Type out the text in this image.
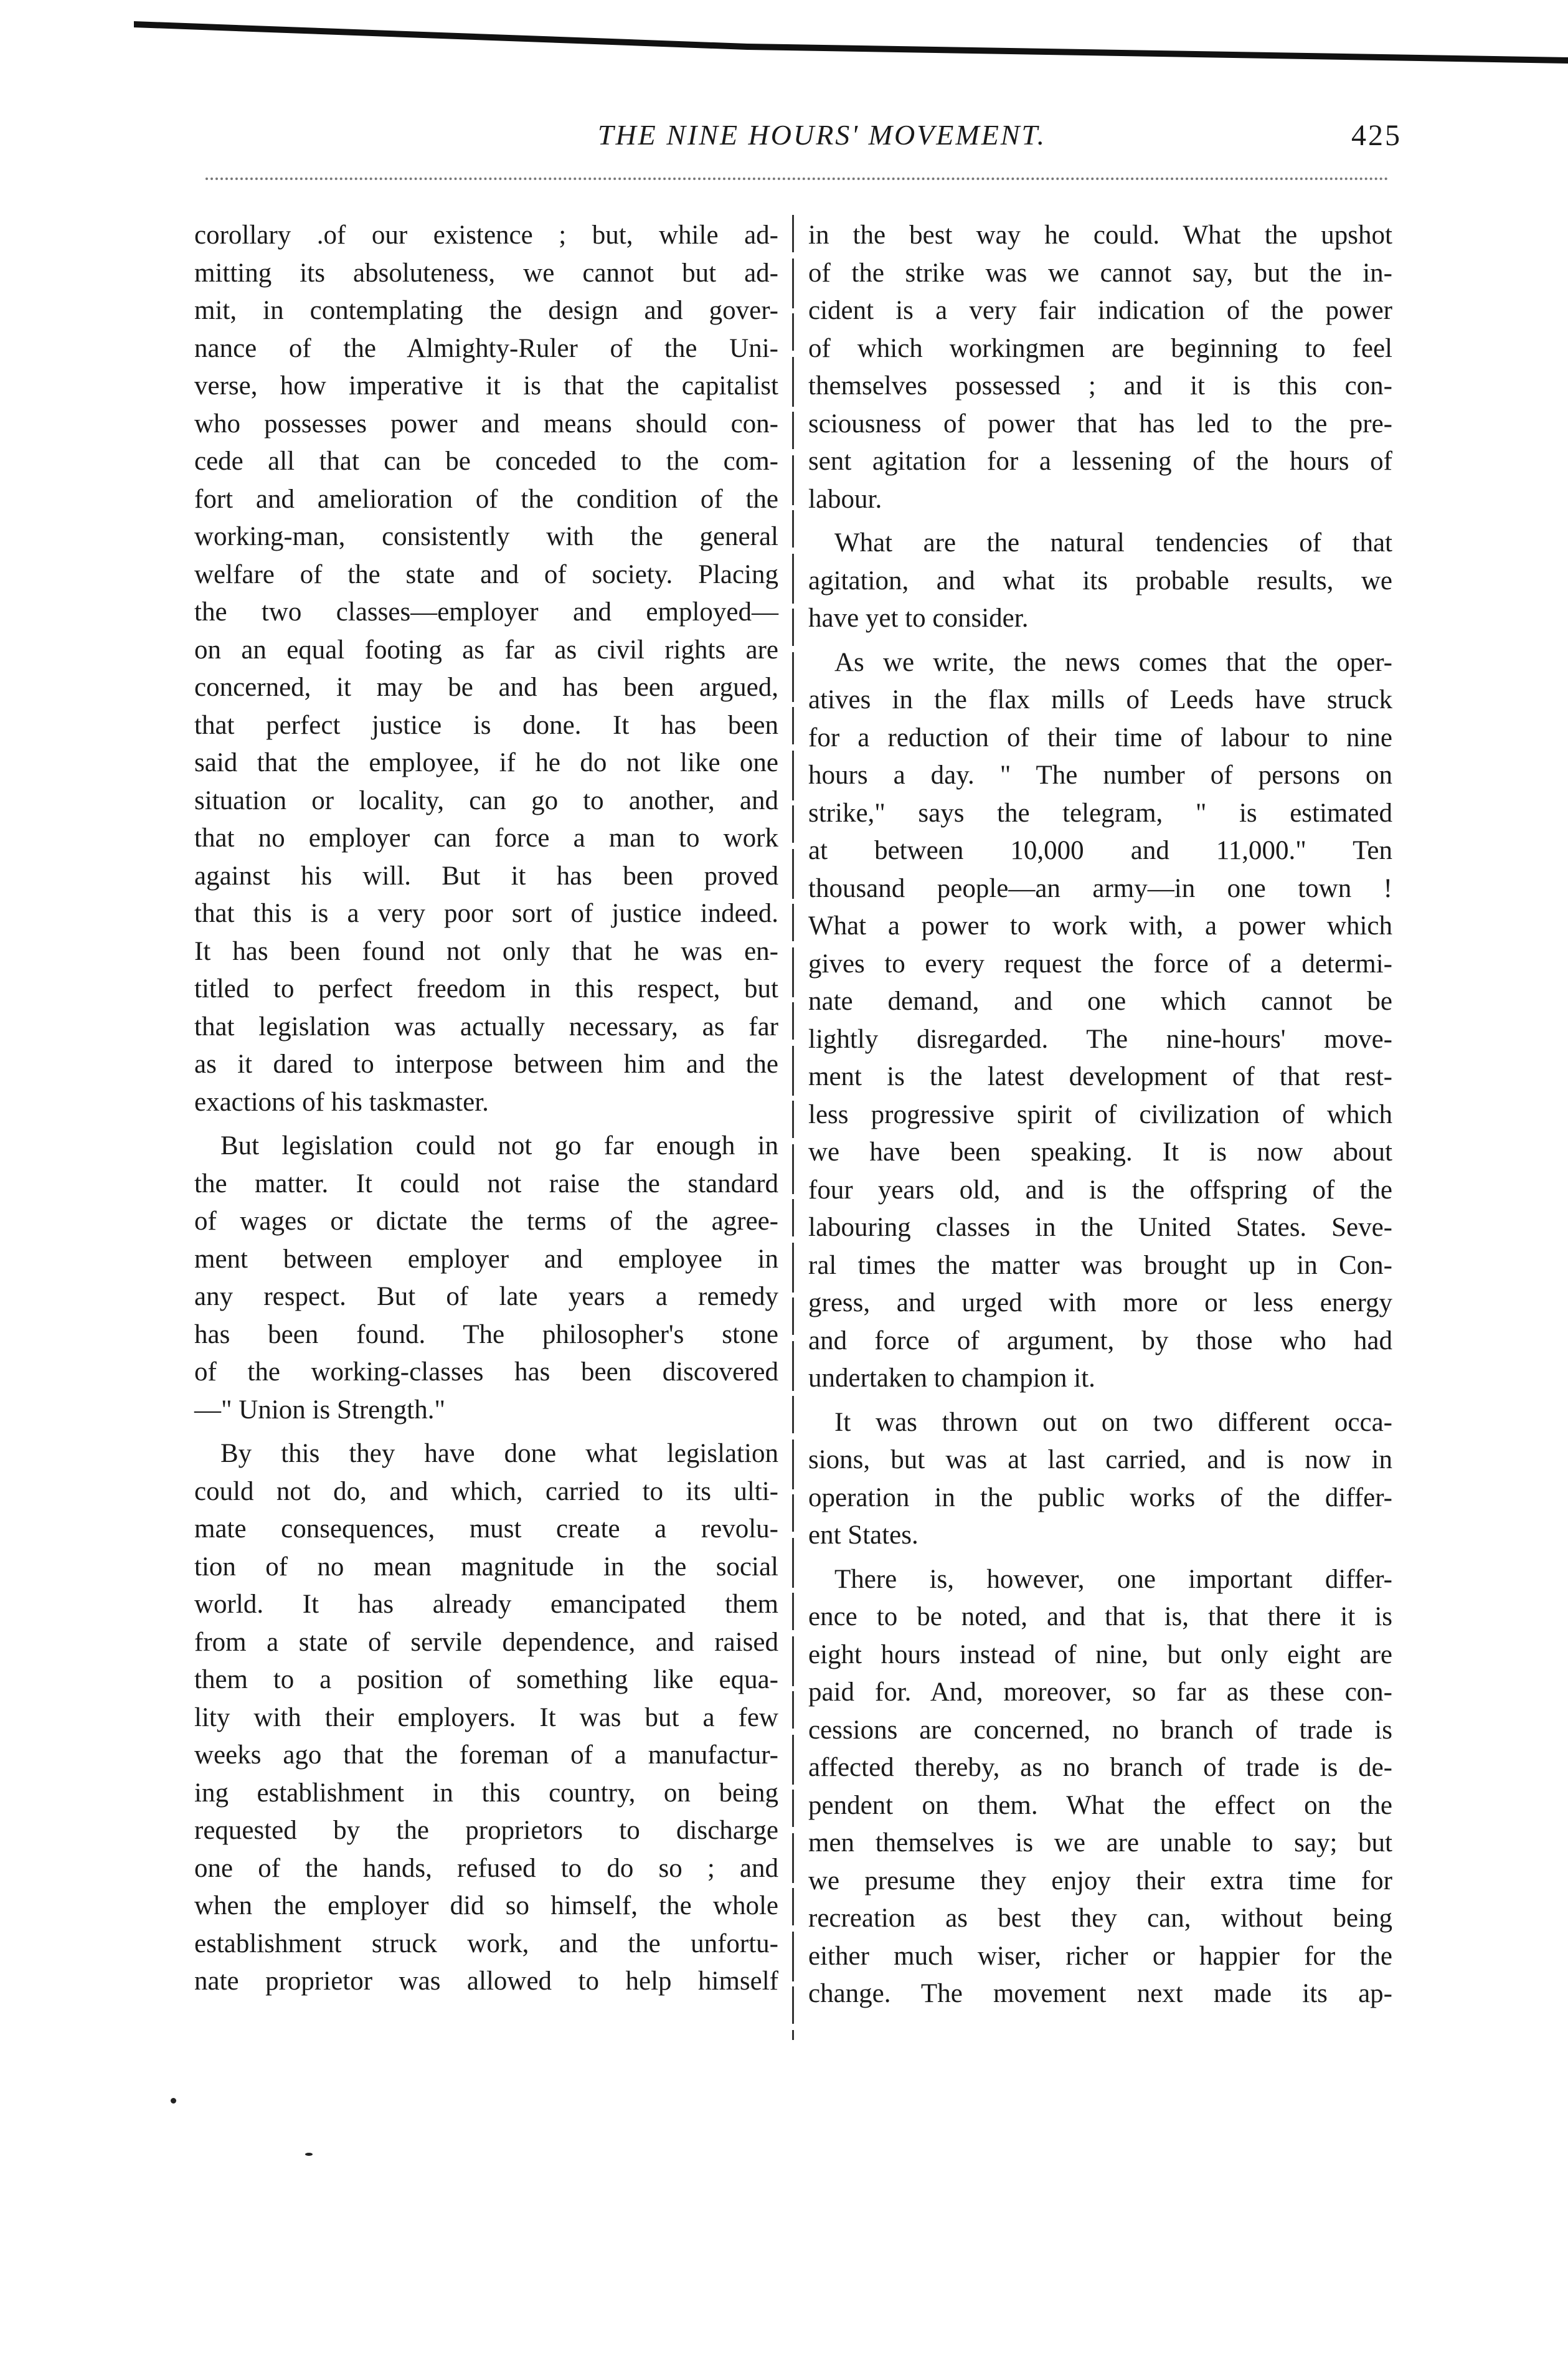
THE NINE HOURS' MOVEMENT.	425
corollary .of our existence ; but, while ad-
mitting its absoluteness, we cannot but ad-
mit, in contemplating the design and gover-
nance of the Almighty-Ruler of the Uni-
verse, how imperative it is that the capitalist
who possesses power and means should con-
cede all that can be conceded to the com-
fort and amelioration of the condition of the
working-man, consistently with the general
welfare of the state and of society. Placing
the two classes—employer and employed—
on an equal footing as far as civil rights are
concerned, it may be and has been argued,
that perfect justice is done. It has been
said that the employee, if he do not like one
situation or locality, can go to another, and
that no employer can force a man to work
against his will. But it has been proved
that this is a very poor sort of justice indeed.
It has been found not only that he was en-
titled to perfect freedom in this respect, but
that legislation was actually necessary, as far
as it dared to interpose between him and the
exactions of his taskmaster.
But legislation could not go far enough in
the matter. It could not raise the standard
of wages or dictate the terms of the agree-
ment between employer and employee in
any respect. But of late years a remedy
has been found. The philosopher's stone
of the working-classes has been discovered
—" Union is Strength."
By this they have done what legislation
could not do, and which, carried to its ulti-
mate consequences, must create a revolu-
tion of no mean magnitude in the social
world. It has already emancipated them
from a state of servile dependence, and raised
them to a position of something like equa-
lity with their employers. It was but a few
weeks ago that the foreman of a manufactur-
ing establishment in this country, on being
requested by the proprietors to discharge
one of the hands, refused to do so ; and
when the employer did so himself, the whole
establishment struck work, and the unfortu-
nate proprietor was allowed to help himself
in the best way he could. What the upshot
of the strike was we cannot say, but the in-
cident is a very fair indication of the power
of which workingmen are beginning to feel
themselves possessed ; and it is this con-
sciousness of power that has led to the pre-
sent agitation for a lessening of the hours of
labour.
What are the natural tendencies of that
agitation, and what its probable results, we
have yet to consider.
As we write, the news comes that the oper-
atives in the flax mills of Leeds have struck
for a reduction of their time of labour to nine
hours a day. " The number of persons on
strike," says the telegram, " is estimated
at between 10,000 and 11,000." Ten
thousand people—an army—in one town !
What a power to work with, a power which
gives to every request the force of a determi-
nate demand, and one which cannot be
lightly disregarded. The nine-hours' move-
ment is the latest development of that rest-
less progressive spirit of civilization of which
we have been speaking. It is now about
four years old, and is the offspring of the
labouring classes in the United States. Seve-
ral times the matter was brought up in Con-
gress, and urged with more or less energy
and force of argument, by those who had
undertaken to champion it.
It was thrown out on two different occa-
sions, but was at last carried, and is now in
operation in the public works of the differ-
ent States.
There is, however, one important differ-
ence to be noted, and that is, that there it is
eight hours instead of nine, but only eight are
paid for. And, moreover, so far as these con-
cessions are concerned, no branch of trade is
affected thereby, as no branch of trade is de-
pendent on them. What the effect on the
men themselves is we are unable to say; but
we presume they enjoy their extra time for
recreation as best they can, without being
either much wiser, richer or happier for the
change. The movement next made its ap-
